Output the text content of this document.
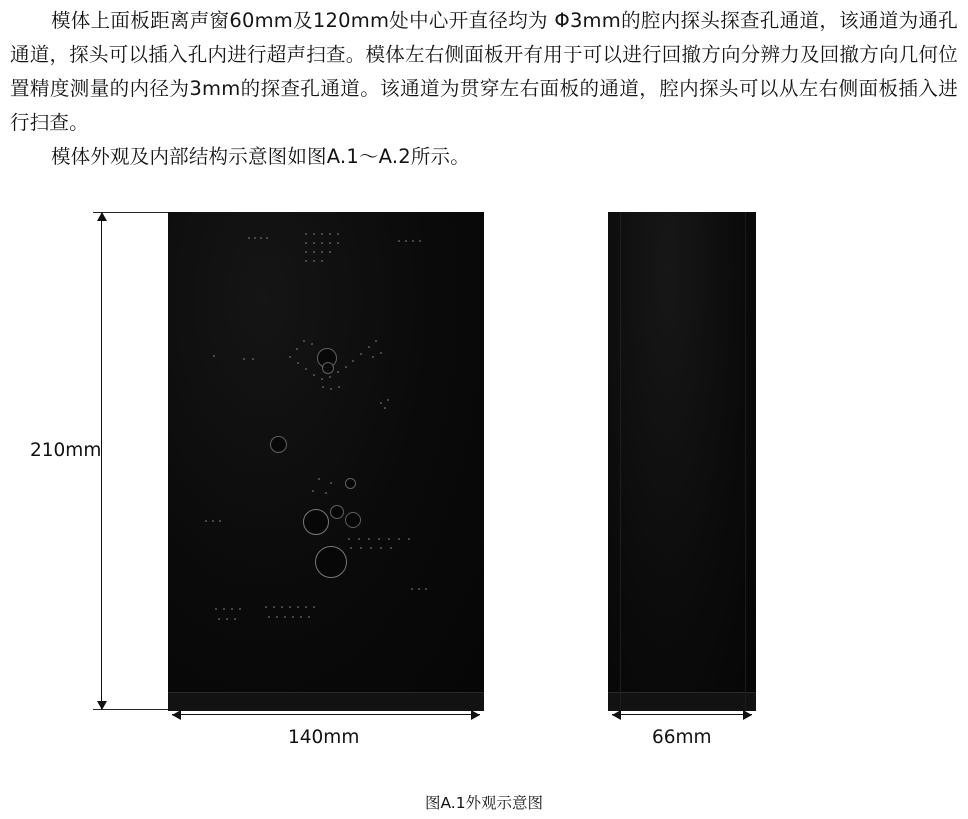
模体上面板距离声窗60mm及120mm处中心开直径均为 Φ3mm的腔内探头探查孔通道，该通道为通孔通道，探头可以插入孔内进行超声扫查。模体左右侧面板开有用于可以进行回撤方向分辨力及回撤方向几何位置精度测量的内径为3mm的探查孔通道。该通道为贯穿左右面板的通道，腔内探头可以从左右侧面板插入进行扫查。

模体外观及内部结构示意图如图A.1～A.2所示。

210mm
140mm	66mm
图A.1外观示意图
